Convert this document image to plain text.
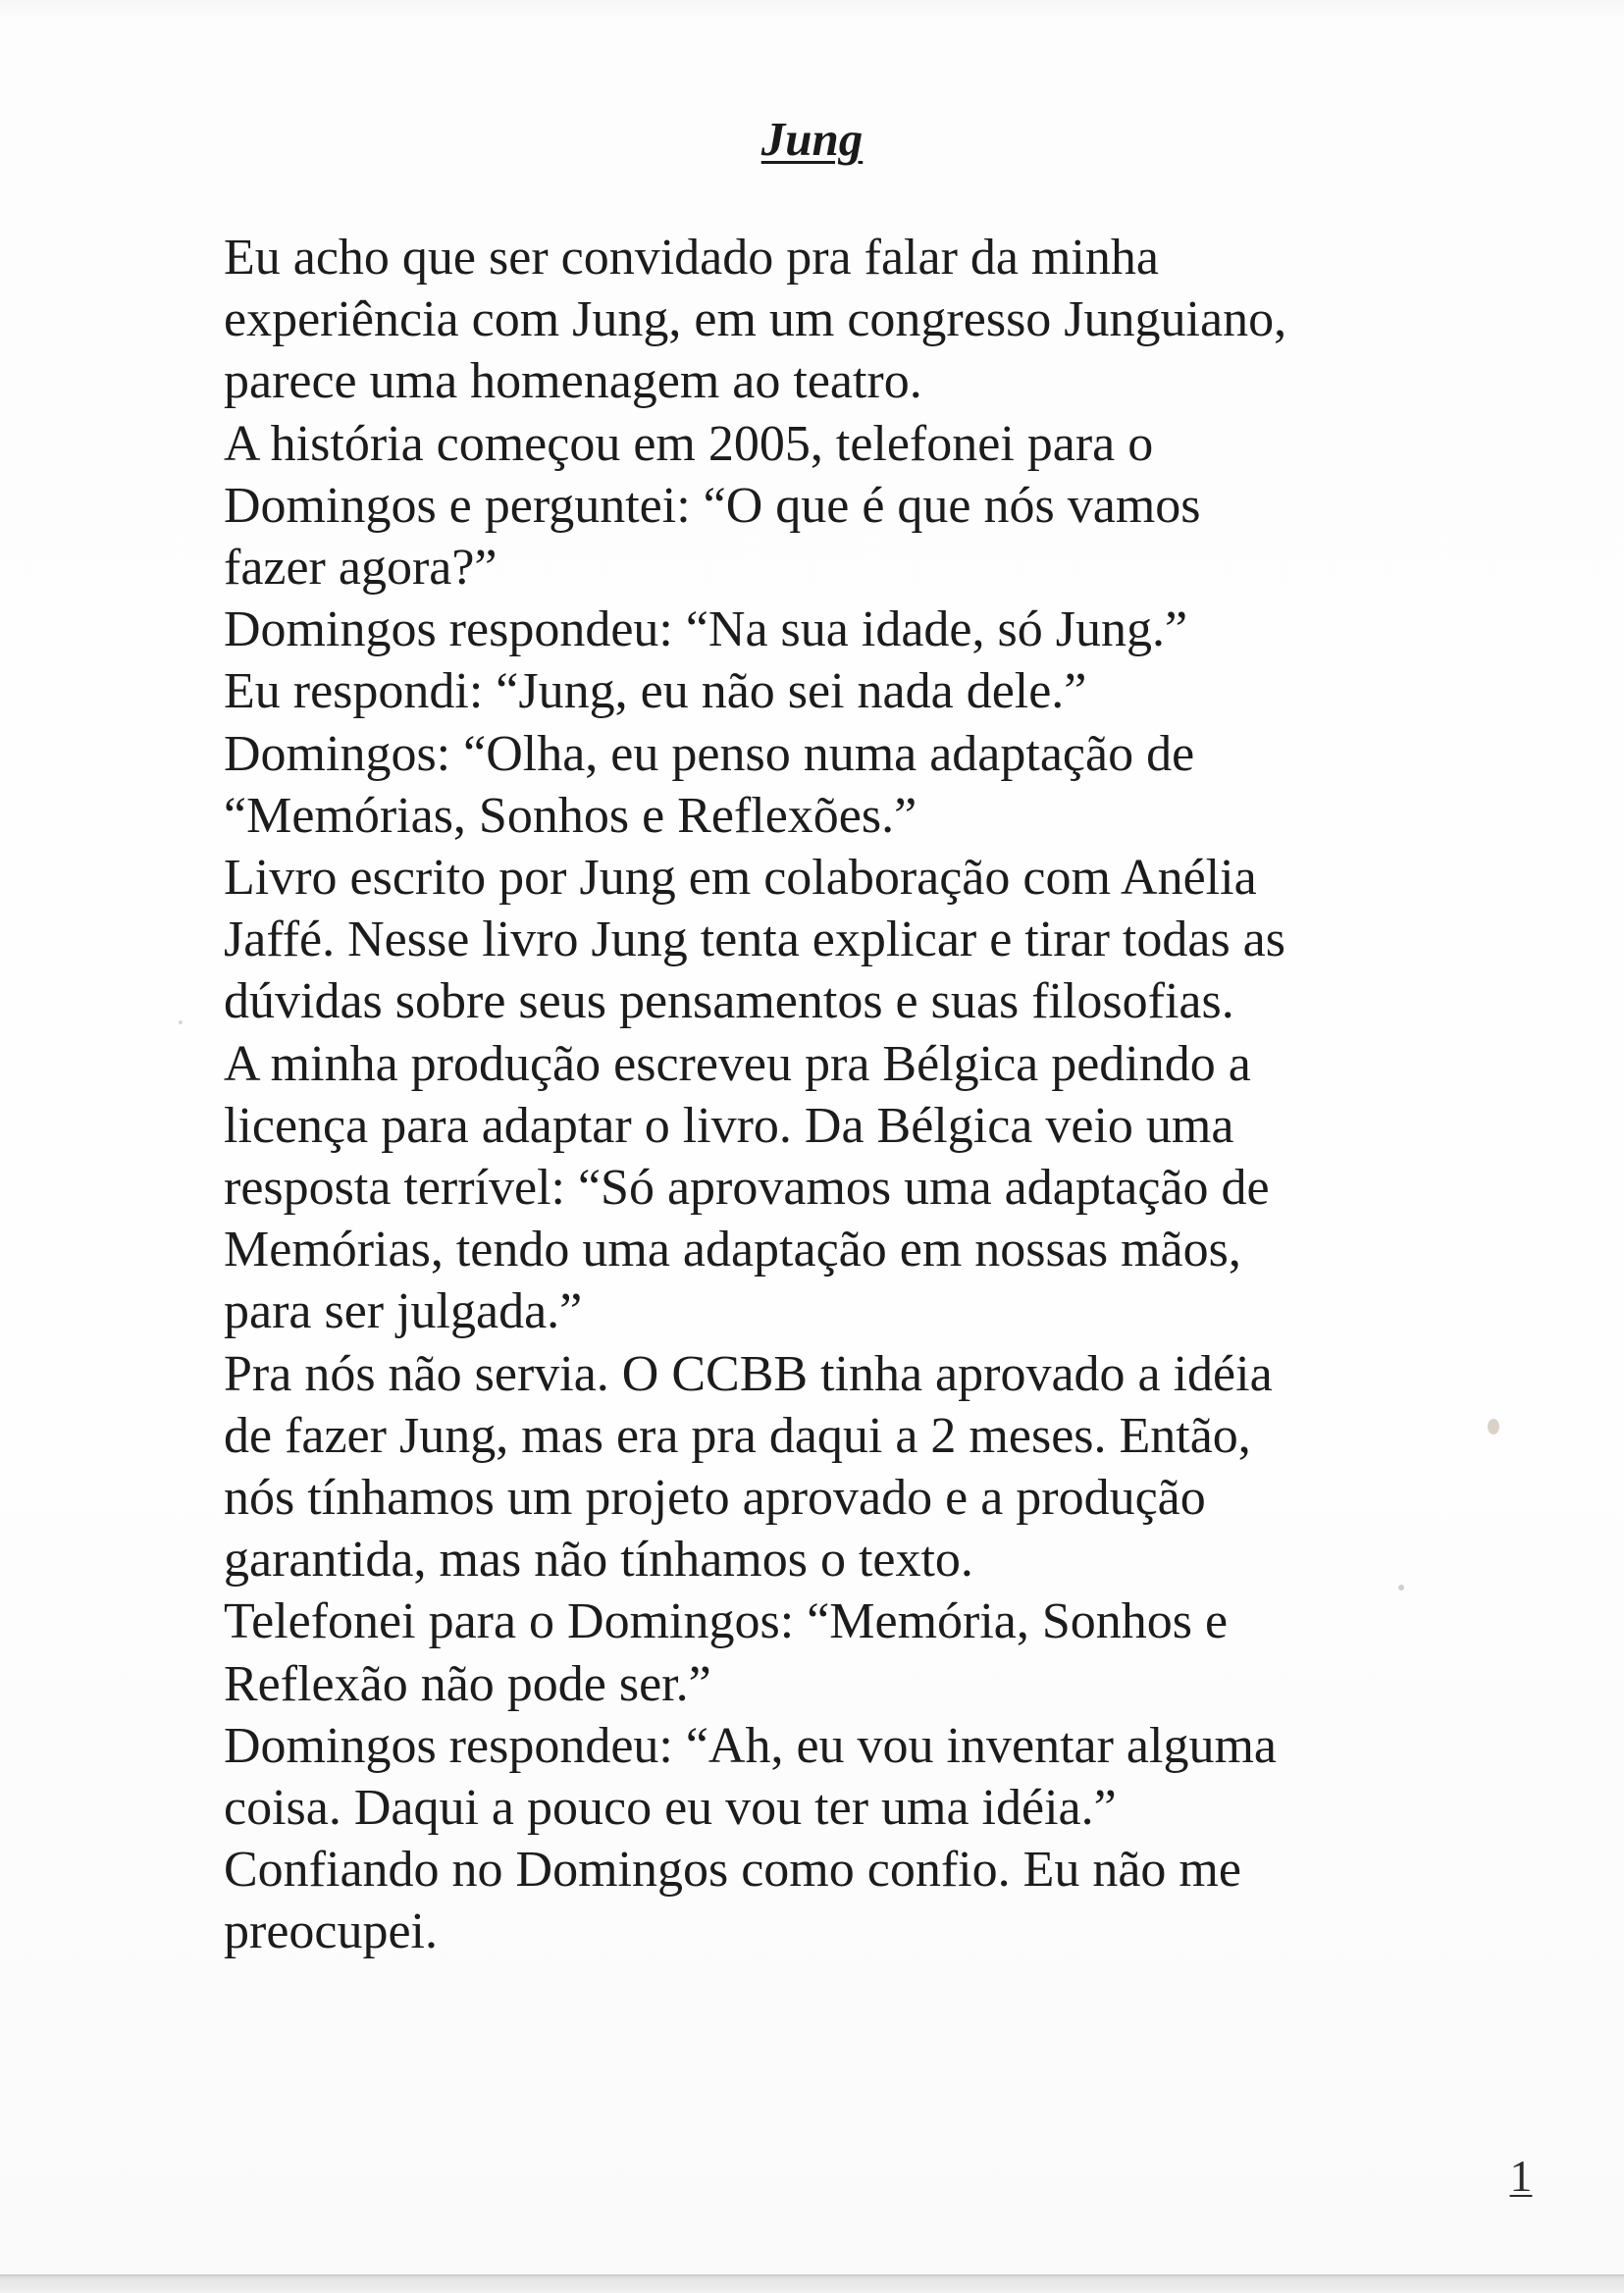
Jung
Eu acho que ser convidado pra falar da minha
experiência com Jung, em um congresso Junguiano,
parece uma homenagem ao teatro.
A história começou em 2005, telefonei para o
Domingos e perguntei: “O que é que nós vamos
fazer agora?”
Domingos respondeu: “Na sua idade, só Jung.”
Eu respondi: “Jung, eu não sei nada dele.”
Domingos: “Olha, eu penso numa adaptação de
“Memórias, Sonhos e Reflexões.”
Livro escrito por Jung em colaboração com Anélia
Jaffé. Nesse livro Jung tenta explicar e tirar todas as
dúvidas sobre seus pensamentos e suas filosofias.
A minha produção escreveu pra Bélgica pedindo a
licença para adaptar o livro. Da Bélgica veio uma
resposta terrível: “Só aprovamos uma adaptação de
Memórias, tendo uma adaptação em nossas mãos,
para ser julgada.”
Pra nós não servia. O CCBB tinha aprovado a idéia
de fazer Jung, mas era pra daqui a 2 meses. Então,
nós tínhamos um projeto aprovado e a produção
garantida, mas não tínhamos o texto.
Telefonei para o Domingos: “Memória, Sonhos e
Reflexão não pode ser.”
Domingos respondeu: “Ah, eu vou inventar alguma
coisa. Daqui a pouco eu vou ter uma idéia.”
Confiando no Domingos como confio. Eu não me
preocupei.
1
